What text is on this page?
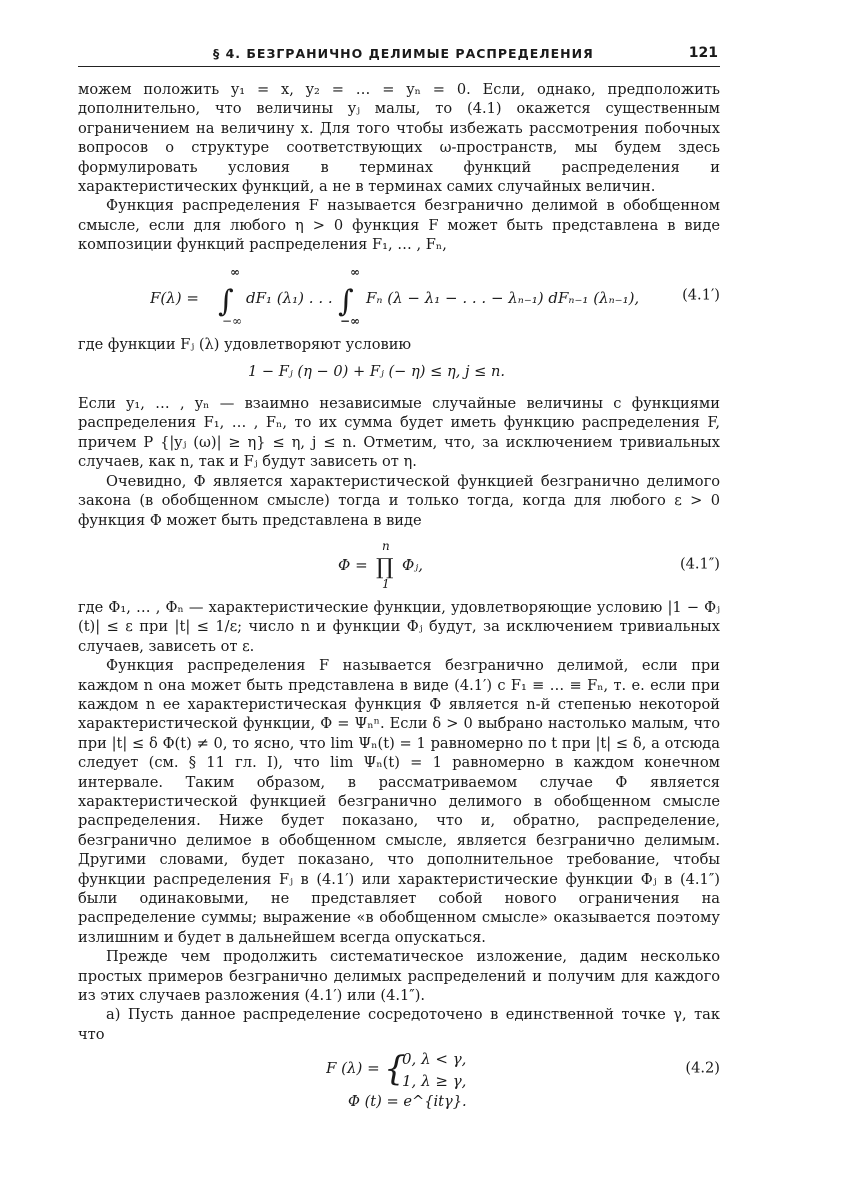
§ 4. БЕЗГРАНИЧНО ДЕЛИМЫЕ РАСПРЕДЕЛЕНИЯ	121

можем положить y₁ = x, y₂ = … = yₙ = 0. Если, однако, предположить дополнительно, что величины yⱼ малы, то (4.1) окажется существенным ограничением на величину x. Для того чтобы избежать рассмотрения побочных вопросов о структуре соответствующих ω-пространств, мы будем здесь формулировать условия в терминах функций распределения и характеристических функций, а не в терминах самих случайных величин.

Функция распределения F называется безгранично делимой в обобщенном смысле, если для любого η > 0 функция F может быть представлена в виде композиции функций распределения F₁, … , Fₙ,

F(λ) =
∞
∫
−∞
dF₁ (λ₁) . . .
∞
∫
−∞
Fₙ (λ − λ₁ − . . . − λₙ₋₁) dFₙ₋₁ (λₙ₋₁),	(4.1′)

где функции Fⱼ (λ) удовлетворяют условию

1 − Fⱼ (η − 0) + Fⱼ (− η) ≤ η, j ≤ n.

Если y₁, … , yₙ — взаимно независимые случайные величины с функциями распределения F₁, … , Fₙ, то их сумма будет иметь функцию распределения F, причем P {|yⱼ (ω)| ≥ η} ≤ η, j ≤ n. Отметим, что, за исключением тривиальных случаев, как n, так и Fⱼ будут зависеть от η.

Очевидно, Φ является характеристической функцией безгранично делимого закона (в обобщенном смысле) тогда и только тогда, когда для любого ε > 0 функция Φ может быть представлена в виде

Φ =
n
∏
1
Φⱼ,	(4.1″)

где Φ₁, … , Φₙ — характеристические функции, удовлетворяющие условию |1 − Φⱼ (t)| ≤ ε при |t| ≤ 1/ε; число n и функции Φⱼ будут, за исключением тривиальных случаев, зависеть от ε.

Функция распределения F называется безгранично делимой, если при каждом n она может быть представлена в виде (4.1′) с F₁ ≡ … ≡ Fₙ, т. е. если при каждом n ее характеристическая функция Φ является n-й степенью некоторой характеристической функции, Φ = Ψₙⁿ. Если δ > 0 выбрано настолько малым, что при |t| ≤ δ Φ(t) ≠ 0, то ясно, что lim Ψₙ(t) = 1 равномерно по t при |t| ≤ δ, а отсюда следует (см. § 11 гл. I), что lim Ψₙ(t) = 1 равномерно в каждом конечном интервале. Таким образом, в рассматриваемом случае Φ является характеристической функцией безгранично делимого в обобщенном смысле распределения. Ниже будет показано, что и, обратно, распределение, безгранично делимое в обобщенном смысле, является безгранично делимым. Другими словами, будет показано, что дополнительное требование, чтобы функции распределения Fⱼ в (4.1′) или характеристические функции Φⱼ в (4.1″) были одинаковыми, не представляет собой нового ограничения на распределение суммы; выражение «в обобщенном смысле» оказывается поэтому излишним и будет в дальнейшем всегда опускаться.

Прежде чем продолжить систематическое изложение, дадим несколько простых примеров безгранично делимых распределений и получим для каждого из этих случаев разложения (4.1′) или (4.1″).

а) Пусть данное распределение сосредоточено в единственной точке γ, так что

F (λ) = {
0, λ < γ,
1, λ ≥ γ,
(4.2)
Φ (t) = e^{itγ}.
